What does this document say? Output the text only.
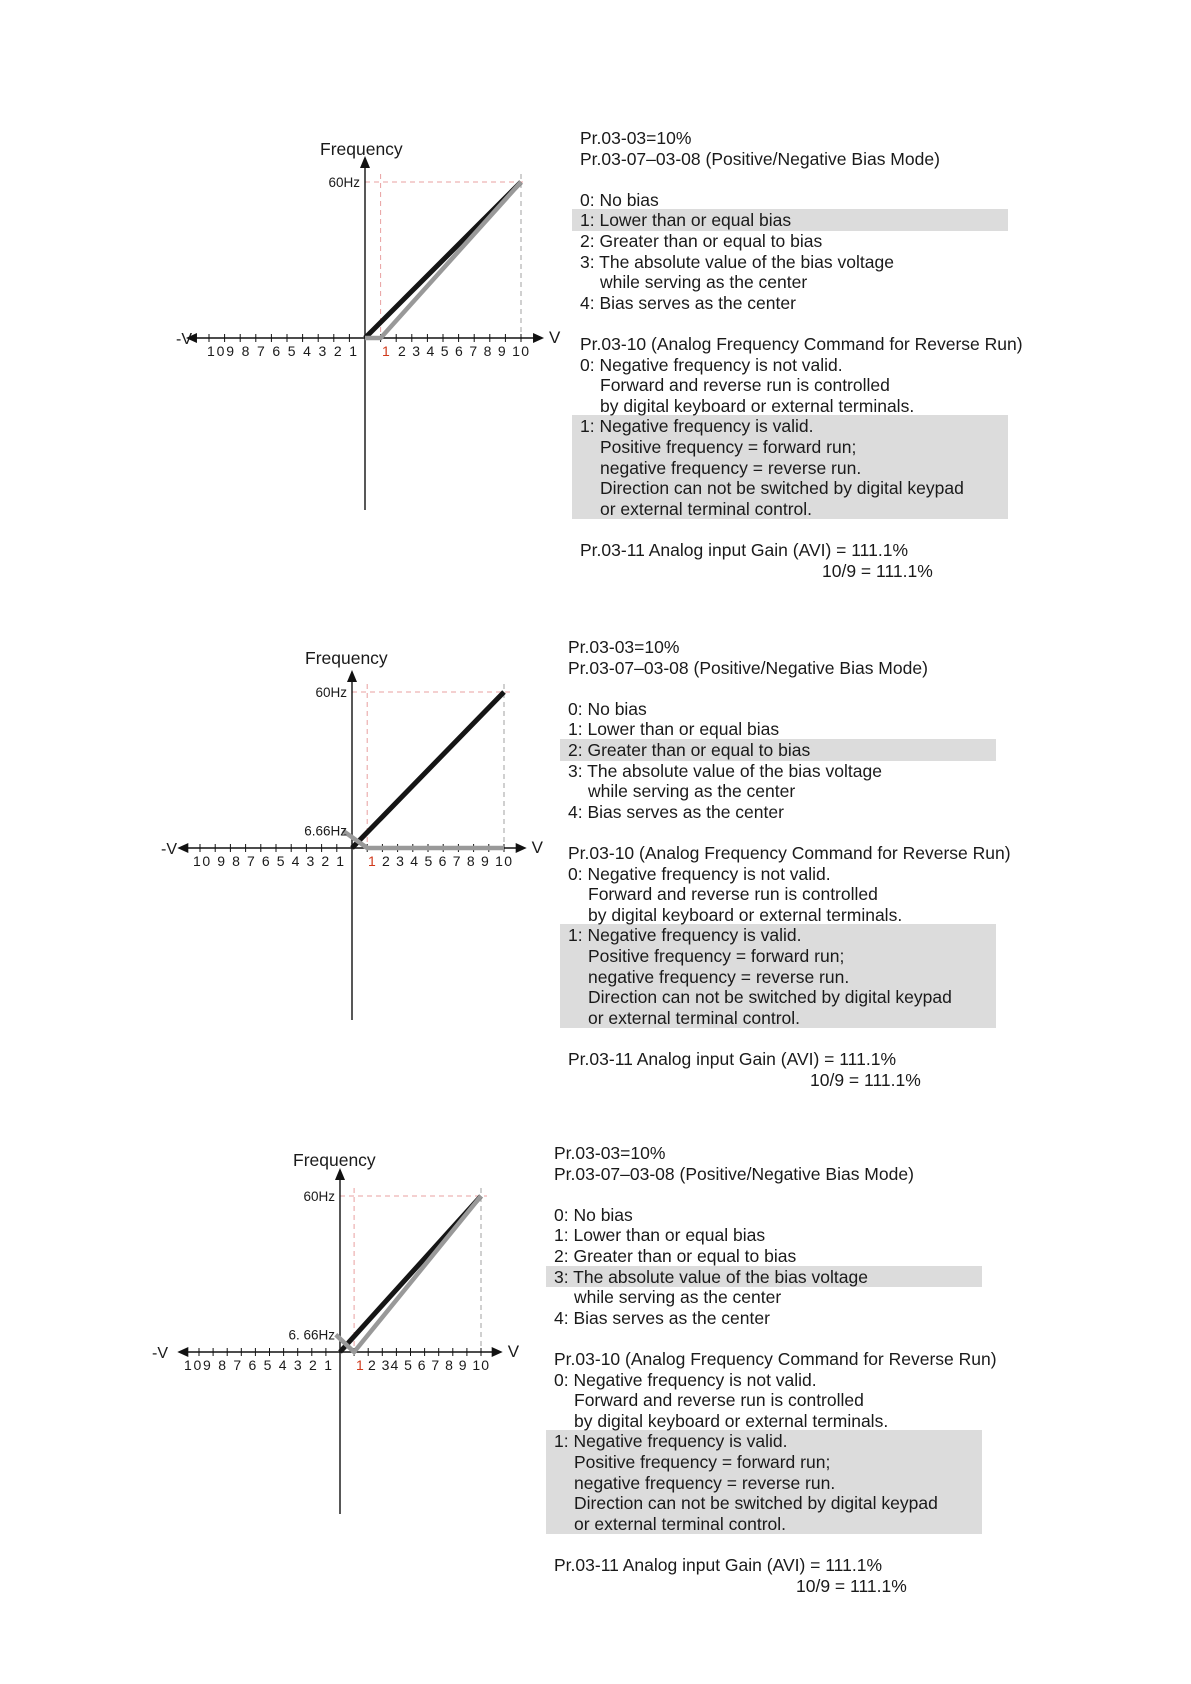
Frequency
60Hz
-V	V
109 8 7 6 5 4 3 2 1 1 2 3 4 5 6 7 8 9 10
Pr.03-03=10%
Pr.03-07–03-08 (Positive/Negative Bias Mode)
0: No bias
1: Lower than or equal bias
2: Greater than or equal to bias
3: The absolute value of the bias voltage
while serving as the center
4: Bias serves as the center
Pr.03-10 (Analog Frequency Command for Reverse Run)
0: Negative frequency is not valid.
Forward and reverse run is controlled
by digital keyboard or external terminals.
1: Negative frequency is valid.
Positive frequency = forward run;
negative frequency = reverse run.
Direction can not be switched by digital keypad
or external terminal control.
Pr.03-11 Analog input Gain (AVI) = 111.1%
10/9 = 111.1%
Frequency
60Hz
6.66Hz
-V	V
10 9 8 7 6 5 4 3 2 1 1 2 3 4 5 6 7 8 9 10
Pr.03-03=10%
Pr.03-07–03-08 (Positive/Negative Bias Mode)
0: No bias
1: Lower than or equal bias
2: Greater than or equal to bias
3: The absolute value of the bias voltage
while serving as the center
4: Bias serves as the center
Pr.03-10 (Analog Frequency Command for Reverse Run)
0: Negative frequency is not valid.
Forward and reverse run is controlled
by digital keyboard or external terminals.
1: Negative frequency is valid.
Positive frequency = forward run;
negative frequency = reverse run.
Direction can not be switched by digital keypad
or external terminal control.
Pr.03-11 Analog input Gain (AVI) = 111.1%
10/9 = 111.1%
Frequency
60Hz
6. 66Hz
-V	V
109 8 7 6 5 4 3 2 1 1 2 34 5 6 7 8 9 10
Pr.03-03=10%
Pr.03-07–03-08 (Positive/Negative Bias Mode)
0: No bias
1: Lower than or equal bias
2: Greater than or equal to bias
3: The absolute value of the bias voltage
while serving as the center
4: Bias serves as the center
Pr.03-10 (Analog Frequency Command for Reverse Run)
0: Negative frequency is not valid.
Forward and reverse run is controlled
by digital keyboard or external terminals.
1: Negative frequency is valid.
Positive frequency = forward run;
negative frequency = reverse run.
Direction can not be switched by digital keypad
or external terminal control.
Pr.03-11 Analog input Gain (AVI) = 111.1%
10/9 = 111.1%
